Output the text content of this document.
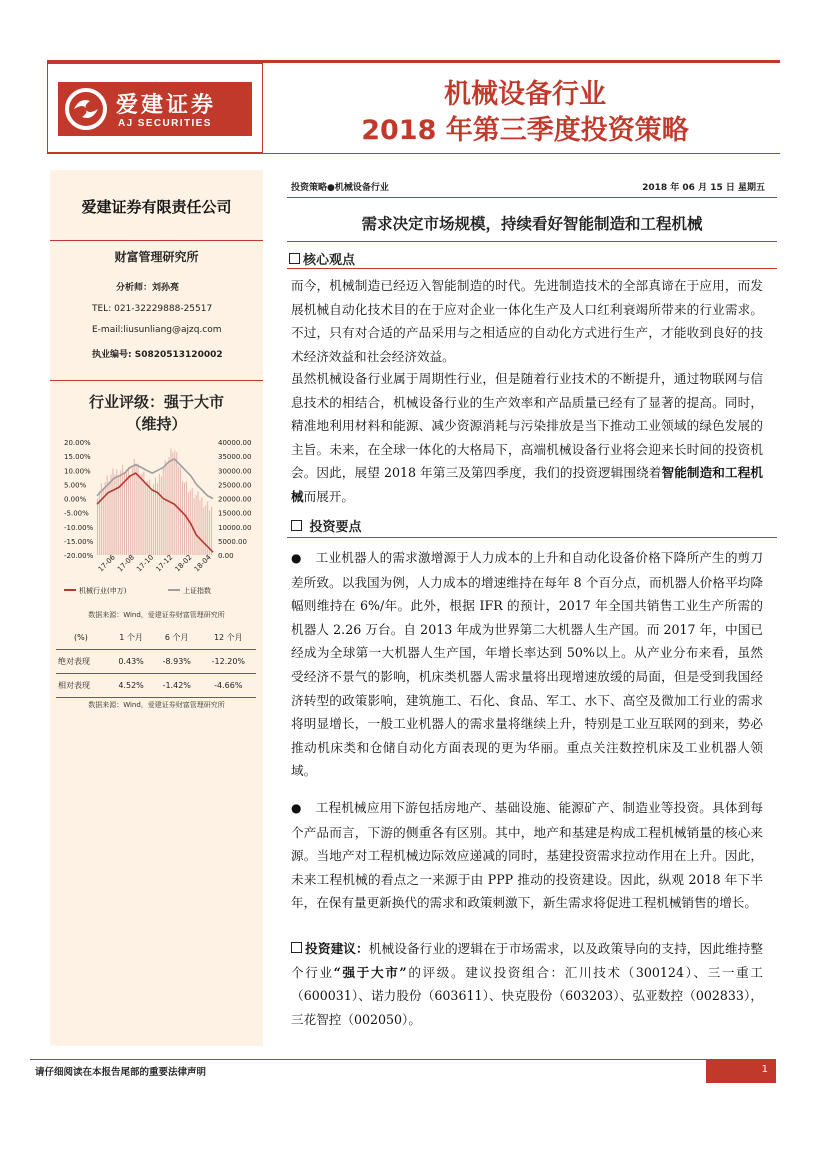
爱建证券
AJ SECURITIES
机械设备行业
2018 年第三季度投资策略
爱建证券有限责任公司
财富管理研究所
分析师：刘孙亮
TEL: 021-32229888-25517
E-mail:liusunliang@ajzq.com
执业编号: S0820513120002
行业评级：强于大市
（维持）
20.00%
15.00%
10.00%
5.00%
0.00%
-5.00%
-10.00%
-15.00%
-20.00%
40000.00
35000.00
30000.00
25000.00
20000.00
15000.00
10000.00
5000.00
0.00
17-06 17-08 17-10 17-12 18-02 18-04
机械行业(申万)	上证指数
数据来源：Wind，爱建证券财富管理研究所
(%)	1 个月	6 个月	12 个月
绝对表现	0.43%	-8.93%	-12.20%
相对表现	4.52%	-1.42%	-4.66%
数据来源：Wind，爱建证券财富管理研究所
投资策略●机械设备行业	2018 年 06 月 15 日 星期五
需求决定市场规模，持续看好智能制造和工程机械
核心观点
而今，机械制造已经迈入智能制造的时代。先进制造技术的全部真谛在于应用，而发展机械自动化技术目的在于应对企业一体化生产及人口红利衰竭所带来的行业需求。不过，只有对合适的产品采用与之相适应的自动化方式进行生产，才能收到良好的技术经济效益和社会经济效益。
虽然机械设备行业属于周期性行业，但是随着行业技术的不断提升，通过物联网与信息技术的相结合，机械设备行业的生产效率和产品质量已经有了显著的提高。同时，精准地利用材料和能源、减少资源消耗与污染排放是当下推动工业领域的绿色发展的主旨。未来，在全球一体化的大格局下，高端机械设备行业将会迎来长时间的投资机会。因此，展望 2018 年第三及第四季度，我们的投资逻辑围绕着智能制造和工程机械而展开。
投资要点
● 工业机器人的需求激增源于人力成本的上升和自动化设备价格下降所产生的剪刀差所致。以我国为例，人力成本的增速维持在每年 8 个百分点，而机器人价格平均降幅则维持在 6%/年。此外，根据 IFR 的预计，2017 年全国共销售工业生产所需的机器人 2.26 万台。自 2013 年成为世界第二大机器人生产国。而 2017 年，中国已经成为全球第一大机器人生产国，年增长率达到 50%以上。从产业分布来看，虽然受经济不景气的影响，机床类机器人需求量将出现增速放缓的局面，但是受到我国经济转型的政策影响，建筑施工、石化、食品、军工、水下、高空及微加工行业的需求将明显增长，一般工业机器人的需求量将继续上升，特别是工业互联网的到来，势必推动机床类和仓储自动化方面表现的更为华丽。重点关注数控机床及工业机器人领域。
● 工程机械应用下游包括房地产、基础设施、能源矿产、制造业等投资。具体到每个产品而言，下游的侧重各有区别。其中，地产和基建是构成工程机械销量的核心来源。当地产对工程机械边际效应递减的同时，基建投资需求拉动作用在上升。因此，未来工程机械的看点之一来源于由 PPP 推动的投资建设。因此，纵观 2018 年下半年，在保有量更新换代的需求和政策刺激下，新生需求将促进工程机械销售的增长。
投资建议：机械设备行业的逻辑在于市场需求，以及政策导向的支持，因此维持整个行业“强于大市”的评级。建议投资组合：汇川技术（300124）、三一重工（600031）、诺力股份（603611）、快克股份（603203）、弘亚数控（002833），三花智控（002050）。
请仔细阅读在本报告尾部的重要法律声明	1
